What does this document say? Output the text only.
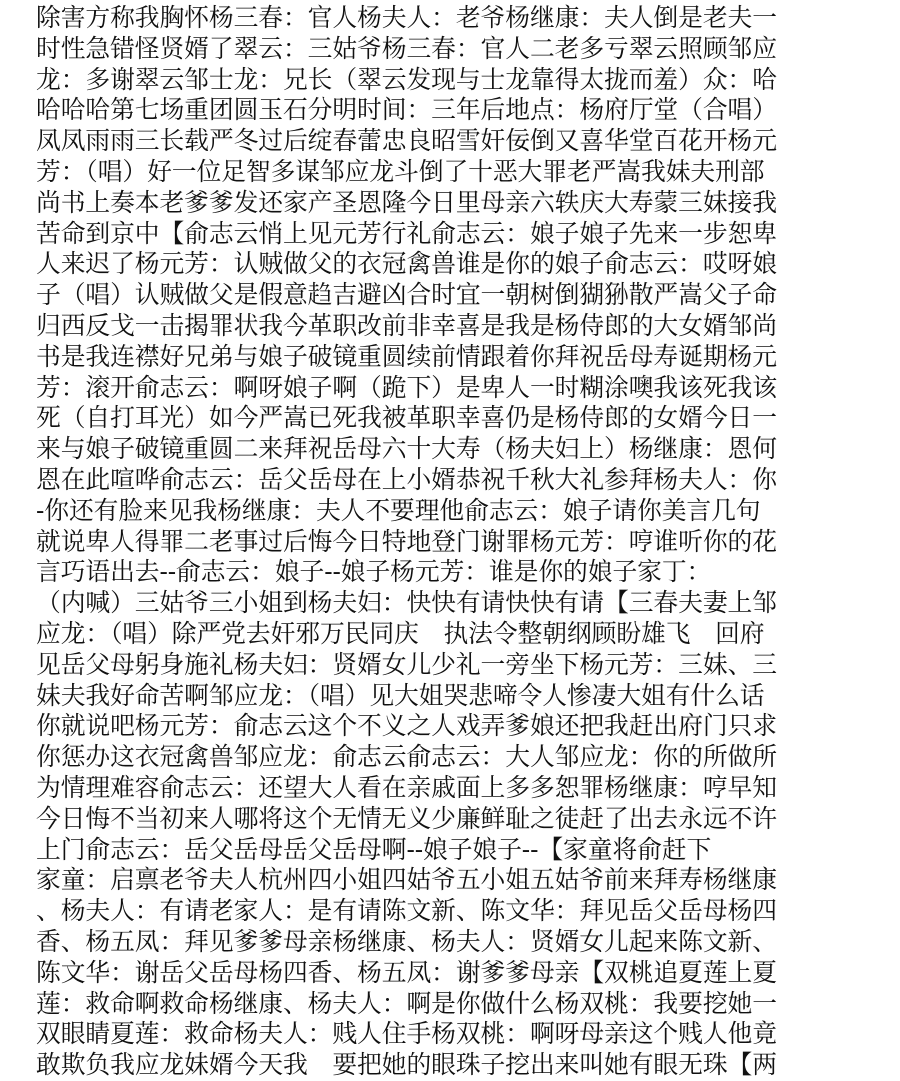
除害方称我胸怀杨三春：官人杨夫人：老爷杨继康：夫人倒是老夫一
时性急错怪贤婿了翠云：三姑爷杨三春：官人二老多亏翠云照顾邹应
龙：多谢翠云邹士龙：兄长（翠云发现与士龙靠得太拢而羞）众：哈
哈哈哈第七场重团圆玉石分明时间：三年后地点：杨府厅堂（合唱）
凤凤雨雨三长载严冬过后绽春蕾忠良昭雪奸佞倒又喜华堂百花开杨元
芳：（唱）好一位足智多谋邹应龙斗倒了十恶大罪老严嵩我妹夫刑部
尚书上奏本老爹爹发还家产圣恩隆今日里母亲六轶庆大寿蒙三妹接我
苦命到京中【俞志云悄上见元芳行礼俞志云：娘子娘子先来一步恕卑
人来迟了杨元芳：认贼做父的衣冠禽兽谁是你的娘子俞志云：哎呀娘
子（唱）认贼做父是假意趋吉避凶合时宜一朝树倒猢狲散严嵩父子命
归西反戈一击揭罪状我今革职改前非幸喜是我是杨侍郎的大女婿邹尚
书是我连襟好兄弟与娘子破镜重圆续前情跟着你拜祝岳母寿诞期杨元
芳：滚开俞志云：啊呀娘子啊（跪下）是卑人一时糊涂噢我该死我该
死（自打耳光）如今严嵩已死我被革职幸喜仍是杨侍郎的女婿今日一
来与娘子破镜重圆二来拜祝岳母六十大寿（杨夫妇上）杨继康：恩何
恩在此喧哗俞志云：岳父岳母在上小婿恭祝千秋大礼参拜杨夫人：你
-你还有脸来见我杨继康：夫人不要理他俞志云：娘子请你美言几句
就说卑人得罪二老事过后悔今日特地登门谢罪杨元芳：哼谁听你的花
言巧语出去--俞志云：娘子--娘子杨元芳：谁是你的娘子家丁：
（内喊）三姑爷三小姐到杨夫妇：快快有请快快有请【三春夫妻上邹
应龙：（唱）除严党去奸邪万民同庆　执法令整朝纲顾盼雄飞　回府
见岳父母躬身施礼杨夫妇：贤婿女儿少礼一旁坐下杨元芳：三妹、三
妹夫我好命苦啊邹应龙：（唱）见大姐哭悲啼令人惨凄大姐有什么话
你就说吧杨元芳：俞志云这个不义之人戏弄爹娘还把我赶出府门只求
你惩办这衣冠禽兽邹应龙：俞志云俞志云：大人邹应龙：你的所做所
为情理难容俞志云：还望大人看在亲戚面上多多恕罪杨继康：哼早知
今日悔不当初来人哪将这个无情无义少廉鲜耻之徒赶了出去永远不许
上门俞志云：岳父岳母岳父岳母啊--娘子娘子--【家童将俞赶下
家童：启禀老爷夫人杭州四小姐四姑爷五小姐五姑爷前来拜寿杨继康
、杨夫人：有请老家人：是有请陈文新、陈文华：拜见岳父岳母杨四
香、杨五凤：拜见爹爹母亲杨继康、杨夫人：贤婿女儿起来陈文新、
陈文华：谢岳父岳母杨四香、杨五凤：谢爹爹母亲【双桃追夏莲上夏
莲：救命啊救命杨继康、杨夫人：啊是你做什么杨双桃：我要挖她一
双眼睛夏莲：救命杨夫人：贱人住手杨双桃：啊呀母亲这个贱人他竟
敢欺负我应龙妹婿今天我　要把她的眼珠子挖出来叫她有眼无珠【两
